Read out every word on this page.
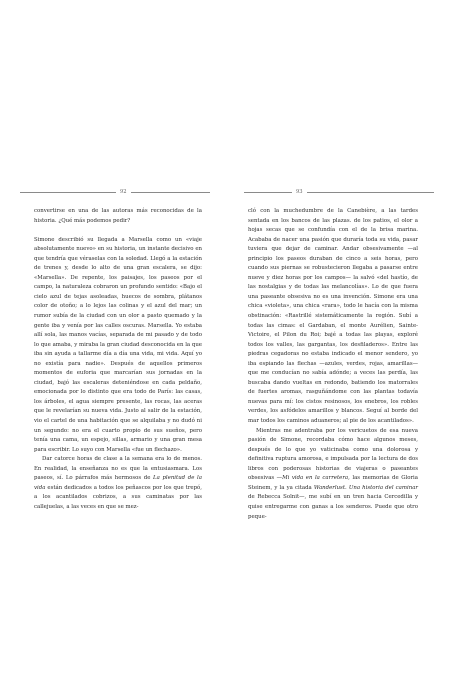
92

convertirse en una de las autoras más reconocidas de la historia. ¿Qué más podemos pedir?

Simone describió su llegada a Marsella como un «viaje absolutamente nuevo» en su historia, un instante decisivo en que tendría que véraselas con la soledad. Llegó a la estación de trenes y, desde lo alto de una gran escalera, se dijo: «Marsella». De repente, los paisajes, los paseos por el campo, la naturaleza cobraron un profundo sentido: «Bajo el cielo azul de tejas asoleadas, huecos de sombra, plátanos color de otoño; a lo lejos las colinas y el azul del mar; un rumor subía de la ciudad con un olor a pasto quemado y la gente iba y venía por las calles oscuras. Marsella. Yo estaba allí sola, las manos vacías, separada de mi pasado y de todo lo que amaba, y miraba la gran ciudad desconocida en la que iba sin ayuda a tallarme día a día una vida, mi vida. Aquí yo no existía para nadie». Después de aquellos primeros momentos de euforia que marcarían sus jornadas en la ciudad, bajó las escaleras deteniéndose en cada peldaño, emocionada por lo distinto que era todo de París: las casas, los árboles, el agua siempre presente, las rocas, las aceras que le revelarían su nueva vida. Justo al salir de la estación, vio el cartel de una habitación que se alquilaba y no dudó ni un segundo: no era el cuarto propio de sus sueños, pero tenía una cama, un espejo, sillas, armario y una gran mesa para escribir. Lo suyo con Marsella «fue un flechazo».

Dar catorce horas de clase a la semana era lo de menos. En realidad, la enseñanza no es que la entusiasmara. Los paseos, sí. Lo párrafos más hermosos de La plenitud de la vida están dedicados a todos los peñascos por los que trepó, a los acantilados cobrizos, a sus caminatas por las callejuelas, a las veces en que se mez-

93

cló con la muchedumbre de la Canebière, a las tardes sentada en los bancos de las plazas. de los patios, el olor a hojas secas que se confundía con el de la brisa marina. Acababa de nacer una pasión que duraría toda su vida, pasar tuviera que dejar de caminar. Andar obsesivamente —al principio los paseos duraban de cinco a seis horas, pero cuando sus piernas se robustecieron llegaba a pasarse entre nueve y diez horas por los campos— la salvó «del hastío, de las nostalgias y de todas las melancolías». Lo de que fuera una paseante obsesiva no es una invención. Simone era una chica «violeta», una chica «rara», todo le hacía con la misma obstinación: «Rastrillé sistemáticamente la región. Subí a todas las cimas: el Gardaban, el monte Aurélien, Sainte-Victoire, el Pilon du Roi; bajé a todas las playas, exploré todos los valles, las gargantas, los desfiladeros». Entre las piedras cegadoras no estaba indicado el menor sendero, yo iba espiando las flechas —azules, verdes, rojas, amarillas— que me conducían no sabía adónde; a veces las perdía, las buscaba dando vueltas en redondo, batiendo los matorrales de fuertes aromas, rasguñándome con las plantas todavía nuevas para mí: los cistos resinosos, los enebros, los robles verdes, los asfódelos amarillos y blancos. Seguí al borde del mar todos los caminos aduaneros; al pie de los acantilados».

Mientras me adentraba por los vericuetos de esa nueva pasión de Simone, recordaba cómo hace algunos meses, después de lo que yo vaticinaba como una dolorosa y definitiva ruptura amorosa, e impulsada por la lectura de dos libros con poderosas historias de viajeras o paseantes obsesivas —Mi vida en la carretera, las memorias de Gloria Steinem, y la ya citada Wanderlust. Una historia del caminar de Rebecca Solnit—, me subí en un tren hacia Cercedilla y quise entregarme con ganas a los senderos. Puede que otro peque-
